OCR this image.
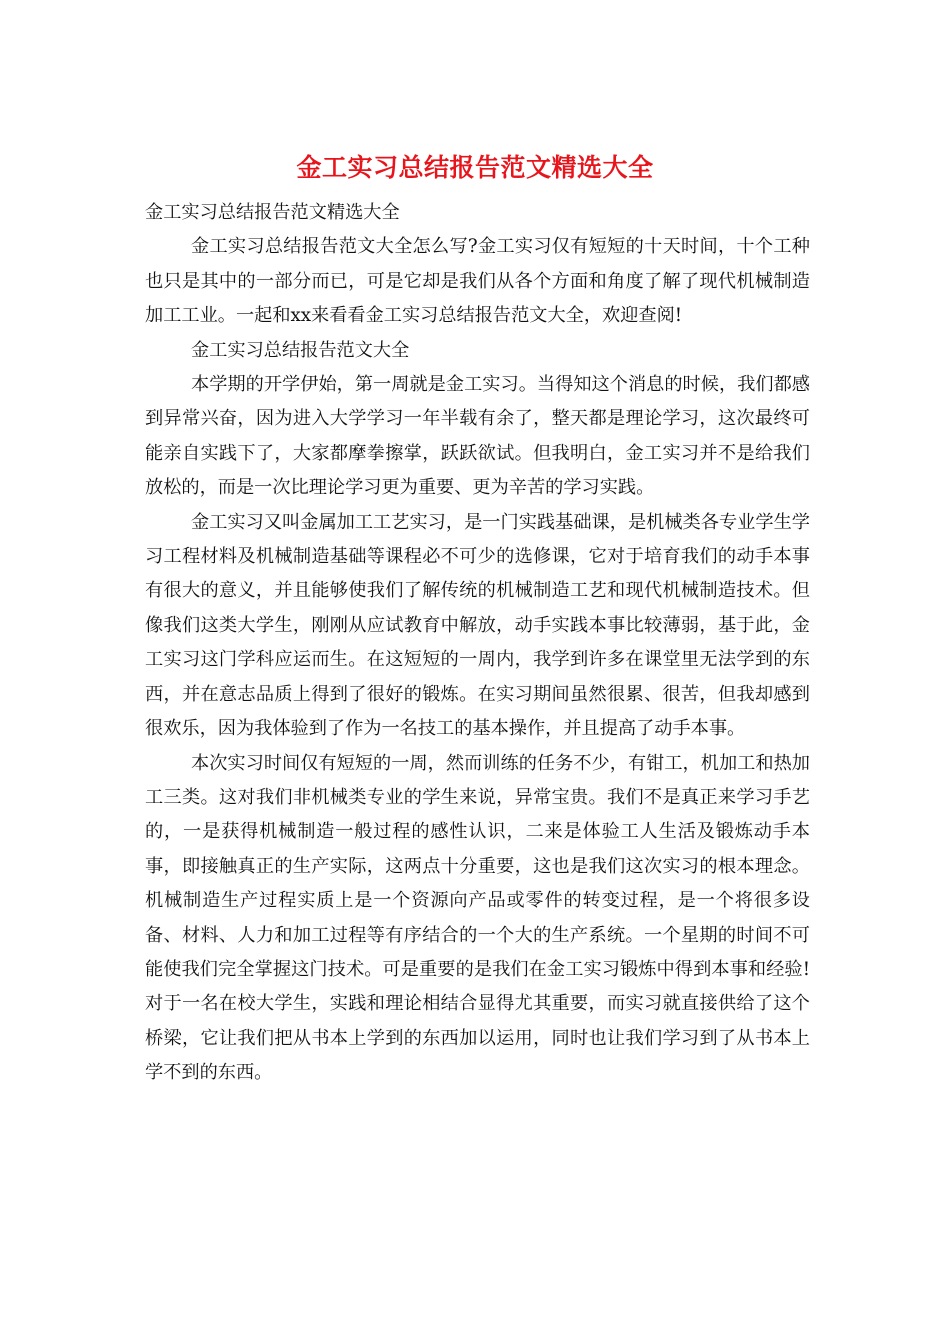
金工实习总结报告范文精选大全

金工实习总结报告范文精选大全

金工实习总结报告范文大全怎么写?金工实习仅有短短的十天时间，十个工种也只是其中的一部分而已，可是它却是我们从各个方面和角度了解了现代机械制造加工工业。一起和xx来看看金工实习总结报告范文大全，欢迎查阅!

金工实习总结报告范文大全

本学期的开学伊始，第一周就是金工实习。当得知这个消息的时候，我们都感到异常兴奋，因为进入大学学习一年半载有余了，整天都是理论学习，这次最终可能亲自实践下了，大家都摩拳擦掌，跃跃欲试。但我明白，金工实习并不是给我们放松的，而是一次比理论学习更为重要、更为辛苦的学习实践。

金工实习又叫金属加工工艺实习，是一门实践基础课，是机械类各专业学生学习工程材料及机械制造基础等课程必不可少的选修课，它对于培育我们的动手本事有很大的意义，并且能够使我们了解传统的机械制造工艺和现代机械制造技术。但像我们这类大学生，刚刚从应试教育中解放，动手实践本事比较薄弱，基于此，金工实习这门学科应运而生。在这短短的一周内，我学到许多在课堂里无法学到的东西，并在意志品质上得到了很好的锻炼。在实习期间虽然很累、很苦，但我却感到很欢乐，因为我体验到了作为一名技工的基本操作，并且提高了动手本事。

本次实习时间仅有短短的一周，然而训练的任务不少，有钳工，机加工和热加工三类。这对我们非机械类专业的学生来说，异常宝贵。我们不是真正来学习手艺的，一是获得机械制造一般过程的感性认识，二来是体验工人生活及锻炼动手本事，即接触真正的生产实际，这两点十分重要，这也是我们这次实习的根本理念。机械制造生产过程实质上是一个资源向产品或零件的转变过程，是一个将很多设备、材料、人力和加工过程等有序结合的一个大的生产系统。一个星期的时间不可能使我们完全掌握这门技术。可是重要的是我们在金工实习锻炼中得到本事和经验!对于一名在校大学生，实践和理论相结合显得尤其重要，而实习就直接供给了这个桥梁，它让我们把从书本上学到的东西加以运用，同时也让我们学习到了从书本上学不到的东西。
